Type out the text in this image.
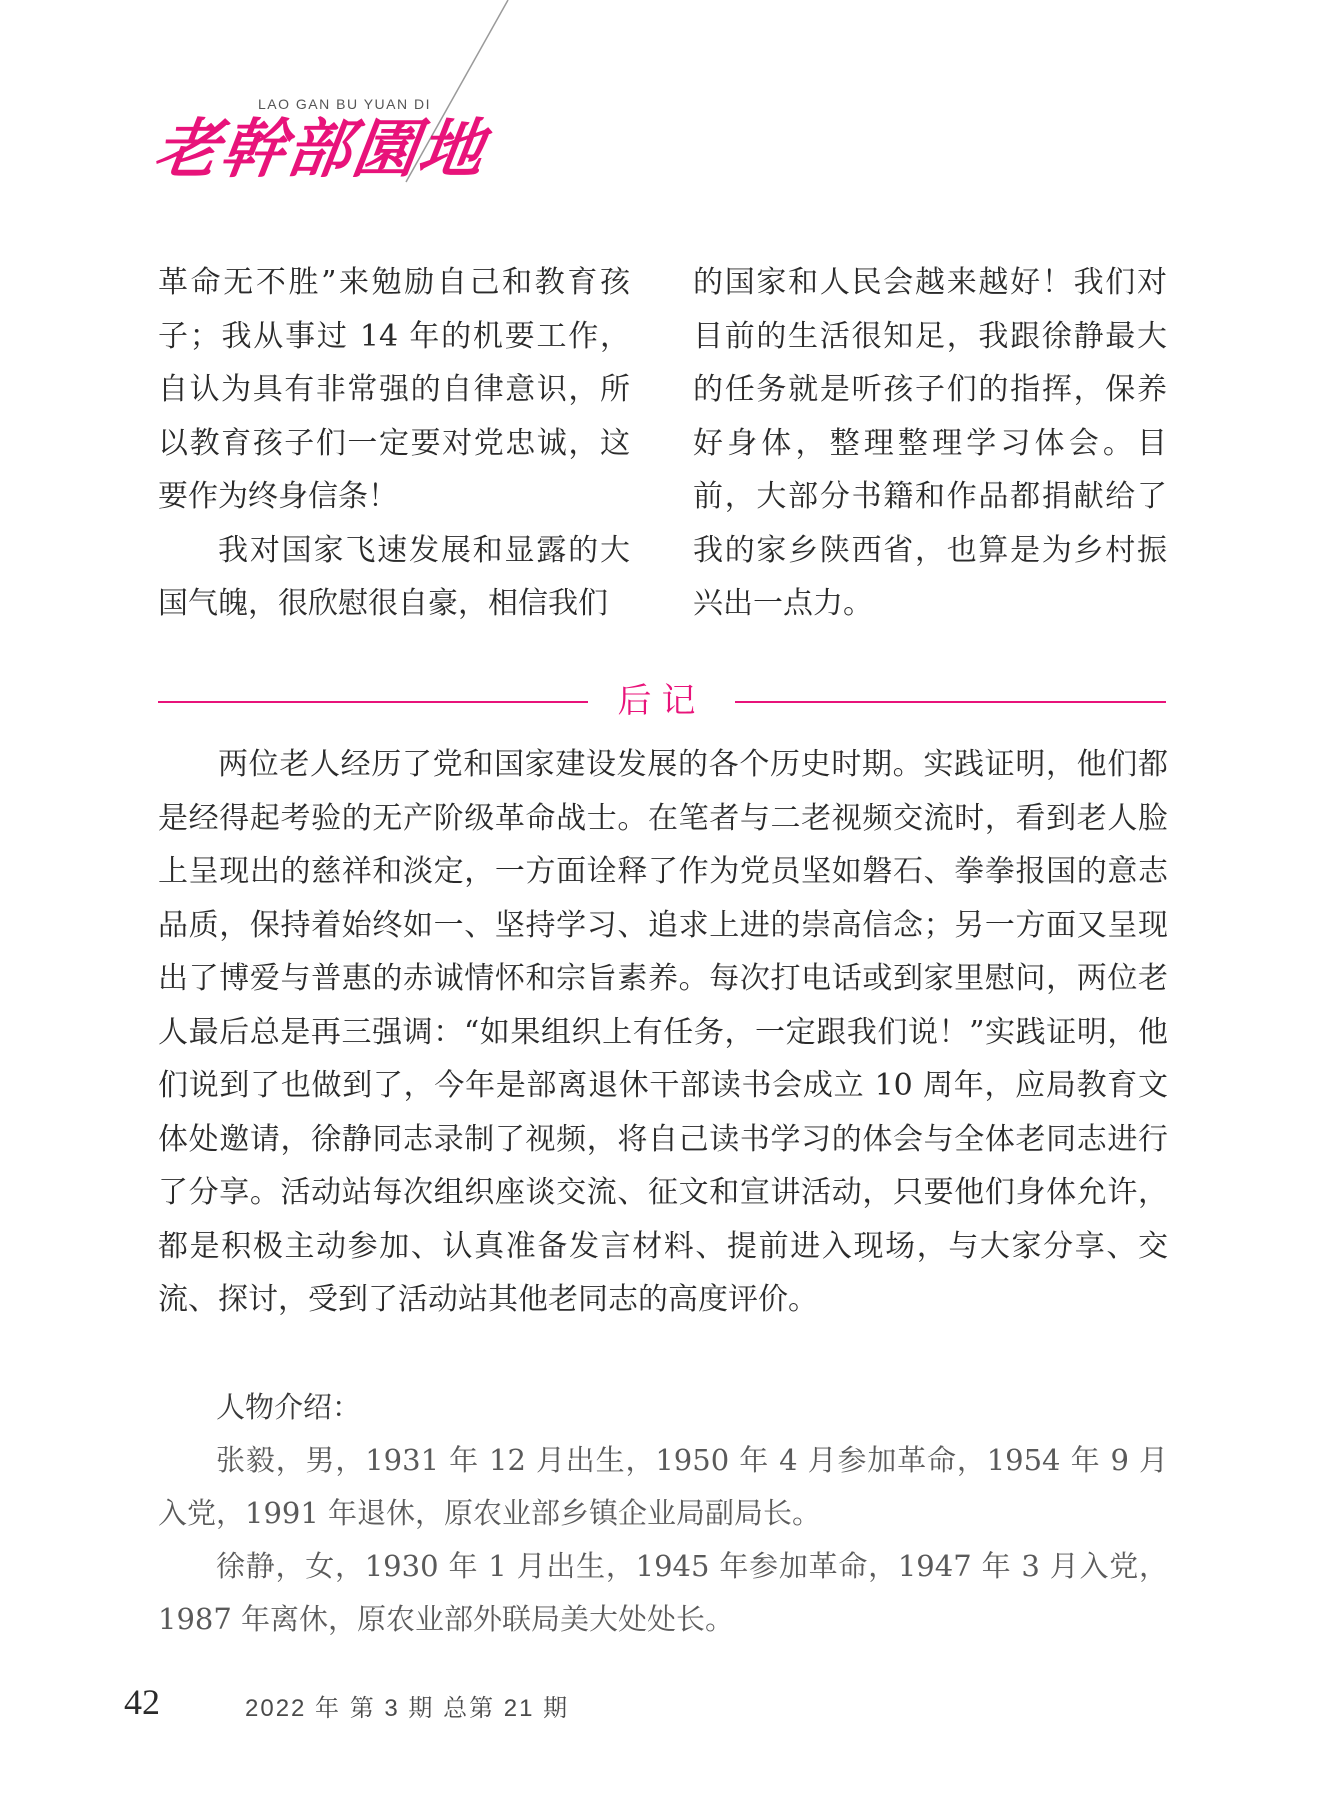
LAO GAN BU YUAN DI
老幹部園地

革命无不胜”来勉励自己和教育孩子；我从事过 14 年的机要工作，自认为具有非常强的自律意识，所以教育孩子们一定要对党忠诚，这要作为终身信条！

我对国家飞速发展和显露的大国气魄，很欣慰很自豪，相信我们

的国家和人民会越来越好！我们对目前的生活很知足，我跟徐静最大的任务就是听孩子们的指挥，保养好身体，整理整理学习体会。目前，大部分书籍和作品都捐献给了我的家乡陕西省，也算是为乡村振兴出一点力。

后记

两位老人经历了党和国家建设发展的各个历史时期。实践证明，他们都是经得起考验的无产阶级革命战士。在笔者与二老视频交流时，看到老人脸上呈现出的慈祥和淡定，一方面诠释了作为党员坚如磐石、拳拳报国的意志品质，保持着始终如一、坚持学习、追求上进的崇高信念；另一方面又呈现出了博爱与普惠的赤诚情怀和宗旨素养。每次打电话或到家里慰问，两位老人最后总是再三强调：“如果组织上有任务，一定跟我们说！”实践证明，他们说到了也做到了，今年是部离退休干部读书会成立 10 周年，应局教育文体处邀请，徐静同志录制了视频，将自己读书学习的体会与全体老同志进行了分享。活动站每次组织座谈交流、征文和宣讲活动，只要他们身体允许，都是积极主动参加、认真准备发言材料、提前进入现场，与大家分享、交流、探讨，受到了活动站其他老同志的高度评价。

人物介绍：

张毅，男，1931 年 12 月出生，1950 年 4 月参加革命，1954 年 9 月入党，1991 年退休，原农业部乡镇企业局副局长。

徐静，女，1930 年 1 月出生，1945 年参加革命，1947 年 3 月入党，1987 年离休，原农业部外联局美大处处长。

42	2022 年 第 3 期 总第 21 期
